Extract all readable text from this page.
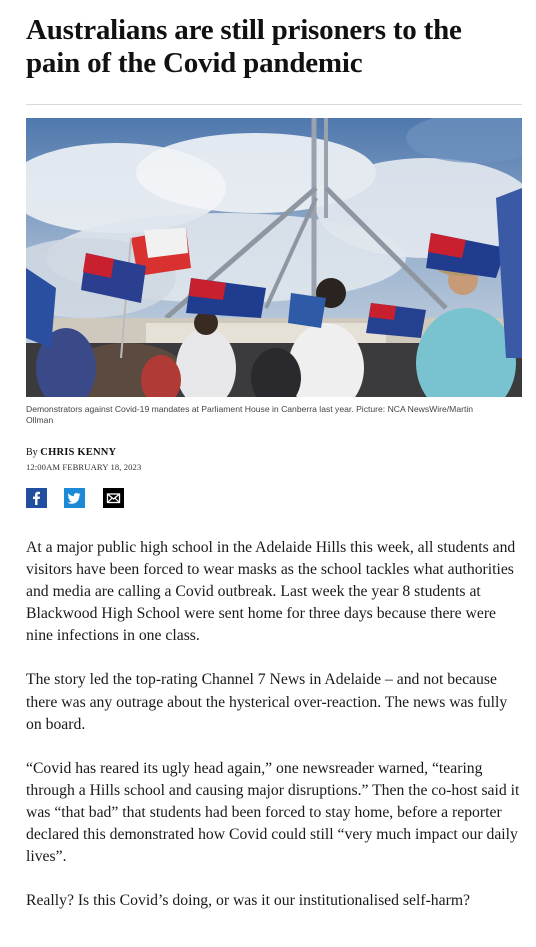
Australians are still prisoners to the pain of the Covid pandemic

Demonstrators against Covid-19 mandates at Parliament House in Canberra last year. Picture: NCA NewsWire/Martin Ollman

By CHRIS KENNY
12:00AM FEBRUARY 18, 2023

At a major public high school in the Adelaide Hills this week, all students and visitors have been forced to wear masks as the school tackles what authorities and media are calling a Covid outbreak. Last week the year 8 students at Blackwood High School were sent home for three days because there were nine infections in one class.

The story led the top-rating Channel 7 News in Adelaide – and not because there was any outrage about the hysterical over-reaction. The news was fully on board.

“Covid has reared its ugly head again,” one newsreader warned, “tearing through a Hills school and causing major disruptions.” Then the co-host said it was “that bad” that students had been forced to stay home, before a reporter declared this demonstrated how Covid could still “very much impact our daily lives”.

Really? Is this Covid’s doing, or was it our institutionalised self-harm?
